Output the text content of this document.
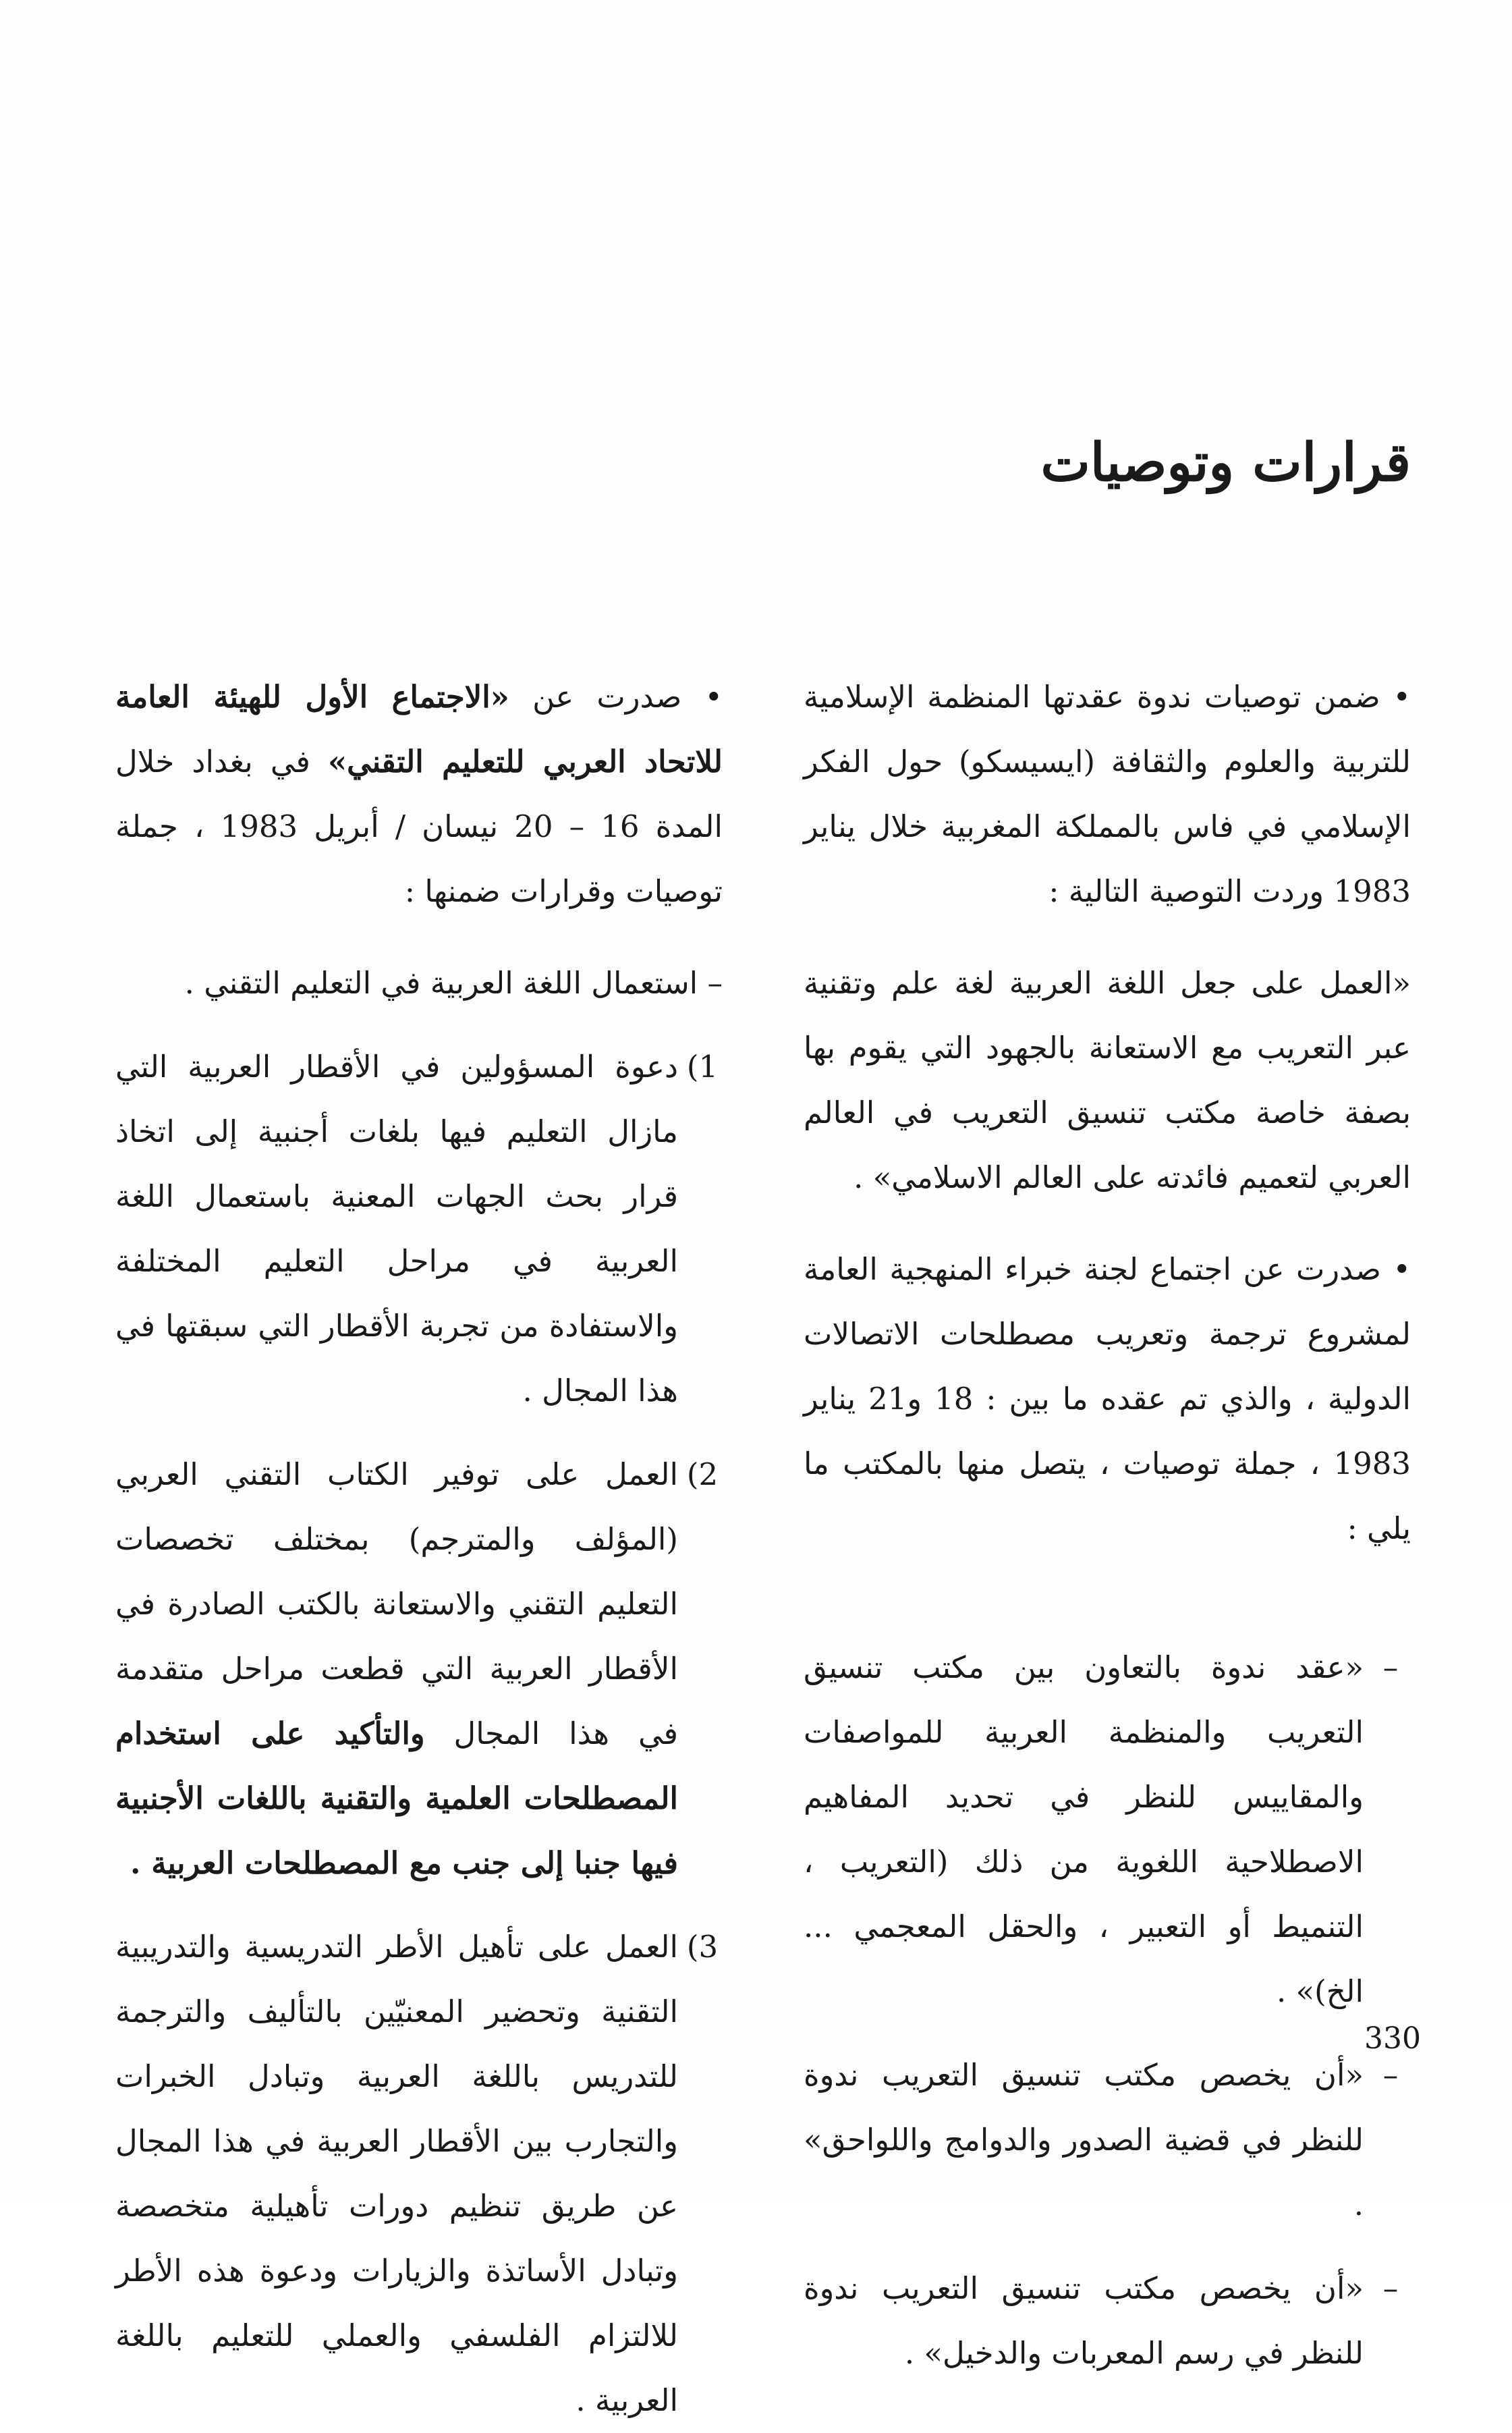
قرارات وتوصيات

• ضمن توصيات ندوة عقدتها المنظمة الإسلامية للتربية والعلوم والثقافة (ايسيسكو) حول الفكر الإسلامي في فاس بالمملكة المغربية خلال يناير 1983 وردت التوصية التالية :

«العمل على جعل اللغة العربية لغة علم وتقنية عبر التعريب مع الاستعانة بالجهود التي يقوم بها بصفة خاصة مكتب تنسيق التعريب في العالم العربي لتعميم فائدته على العالم الاسلامي» .

• صدرت عن اجتماع لجنة خبراء المنهجية العامة لمشروع ترجمة وتعريب مصطلحات الاتصالات الدولية ، والذي تم عقده ما بين : 18 و21 يناير 1983 ، جملة توصيات ، يتصل منها بالمكتب ما يلي :

–
«عقد ندوة بالتعاون بين مكتب تنسيق التعريب والمنظمة العربية للمواصفات والمقاييس للنظر في تحديد المفاهيم الاصطلاحية اللغوية من ذلك (التعريب ، التنميط أو التعبير ، والحقل المعجمي ... الخ)» .
–
«أن يخصص مكتب تنسيق التعريب ندوة للنظر في قضية الصدور والدوامج واللواحق» .
–
«أن يخصص مكتب تنسيق التعريب ندوة للنظر في رسم المعربات والدخيل» .

• صدرت عن «الاجتماع الأول للهيئة العامة للاتحاد العربي للتعليم التقني» في بغداد خلال المدة 16 – 20 نيسان / أبريل 1983 ، جملة توصيات وقرارات ضمنها :

– استعمال اللغة العربية في التعليم التقني .

1)
دعوة المسؤولين في الأقطار العربية التي مازال التعليم فيها بلغات أجنبية إلى اتخاذ قرار بحث الجهات المعنية باستعمال اللغة العربية في مراحل التعليم المختلفة والاستفادة من تجربة الأقطار التي سبقتها في هذا المجال .
2)
العمل على توفير الكتاب التقني العربي (المؤلف والمترجم) بمختلف تخصصات التعليم التقني والاستعانة بالكتب الصادرة في الأقطار العربية التي قطعت مراحل متقدمة في هذا المجال والتأكيد على استخدام المصطلحات العلمية والتقنية باللغات الأجنبية فيها جنبا إلى جنب مع المصطلحات العربية .
3)
العمل على تأهيل الأطر التدريسية والتدريبية التقنية وتحضير المعنيّين بالتأليف والترجمة للتدريس باللغة العربية وتبادل الخبرات والتجارب بين الأقطار العربية في هذا المجال عن طريق تنظيم دورات تأهيلية متخصصة وتبادل الأساتذة والزيارات ودعوة هذه الأطر للالتزام الفلسفي والعملي للتعليم باللغة العربية .
330
